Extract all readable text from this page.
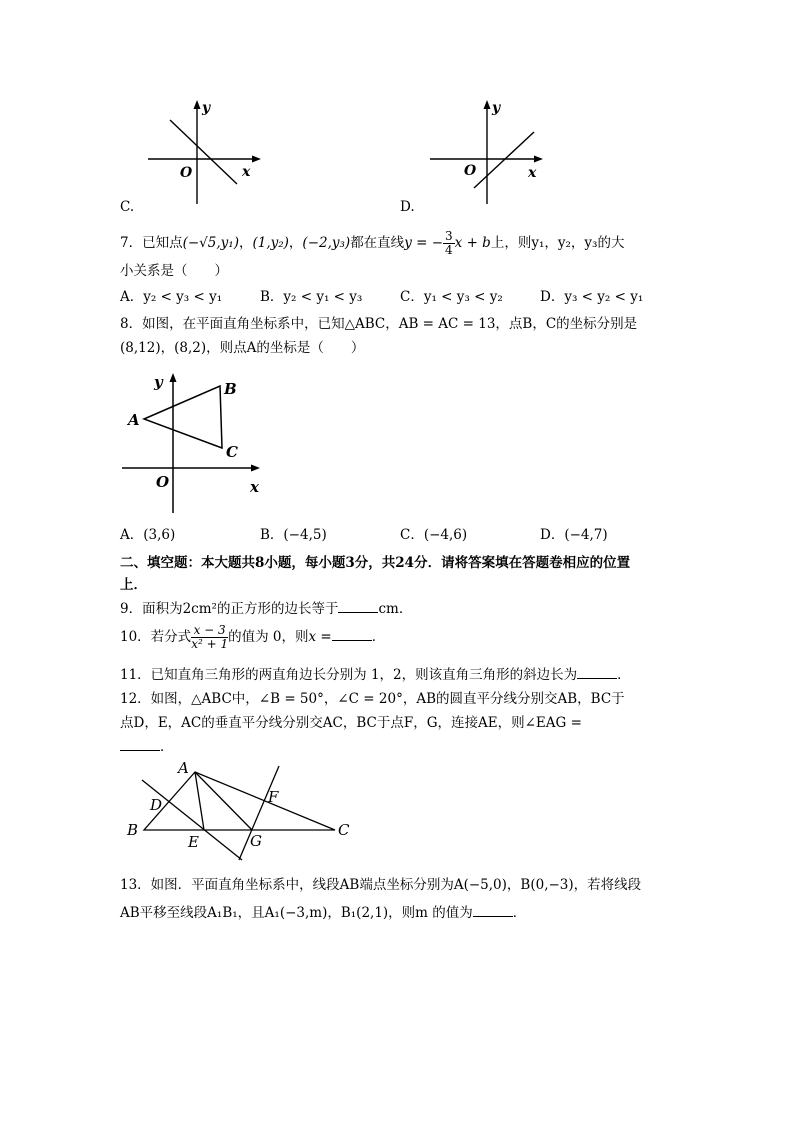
y
x
O
C.
y
x
O
D.
7．已知点(−√5,y₁)，(1,y₂)，(−2,y₃)都在直线y = − $\frac{3}{4}$ x + b上，则y₁，y₂，y₃的大
小关系是（　　）
A．y₂ < y₃ < y₁	B．y₂ < y₁ < y₃	C．y₁ < y₃ < y₂	D．y₃ < y₂ < y₁
8．如图，在平面直角坐标系中，已知△ABC，AB = AC = 13，点B，C的坐标分别是
(8,12)，(8,2)，则点A的坐标是（　　）
y
x
O
A
B
C
A．(3,6)	B．(−4,5)	C．(−4,6)	D．(−4,7)
二、填空题：本大题共8小题，每小题3分，共24分．请将答案填在答题卷相应的位置
上．
9．面积为2cm²的正方形的边长等于	cm．
10．若分式 $\frac{x - 3}{\text{x² + 1}}$ 的值为 0，则x =	．
11．已知直角三角形的两直角边长分别为 1，2，则该直角三角形的斜边长为	．
12．如图，△ABC中，∠B = 50°，∠C = 20°，AB的圆直平分线分别交AB，BC于
点D，E，AC的垂直平分线分别交AC，BC于点F，G，连接AE，则∠EAG =
．
A
B	C
D
E
F
G
13．如图．平面直角坐标系中，线段AB端点坐标分别为A(−5,0)，B(0,−3)，若将线段
AB平移至线段A₁B₁，且A₁(−3,m)，B₁(2,1)，则m 的值为	．
